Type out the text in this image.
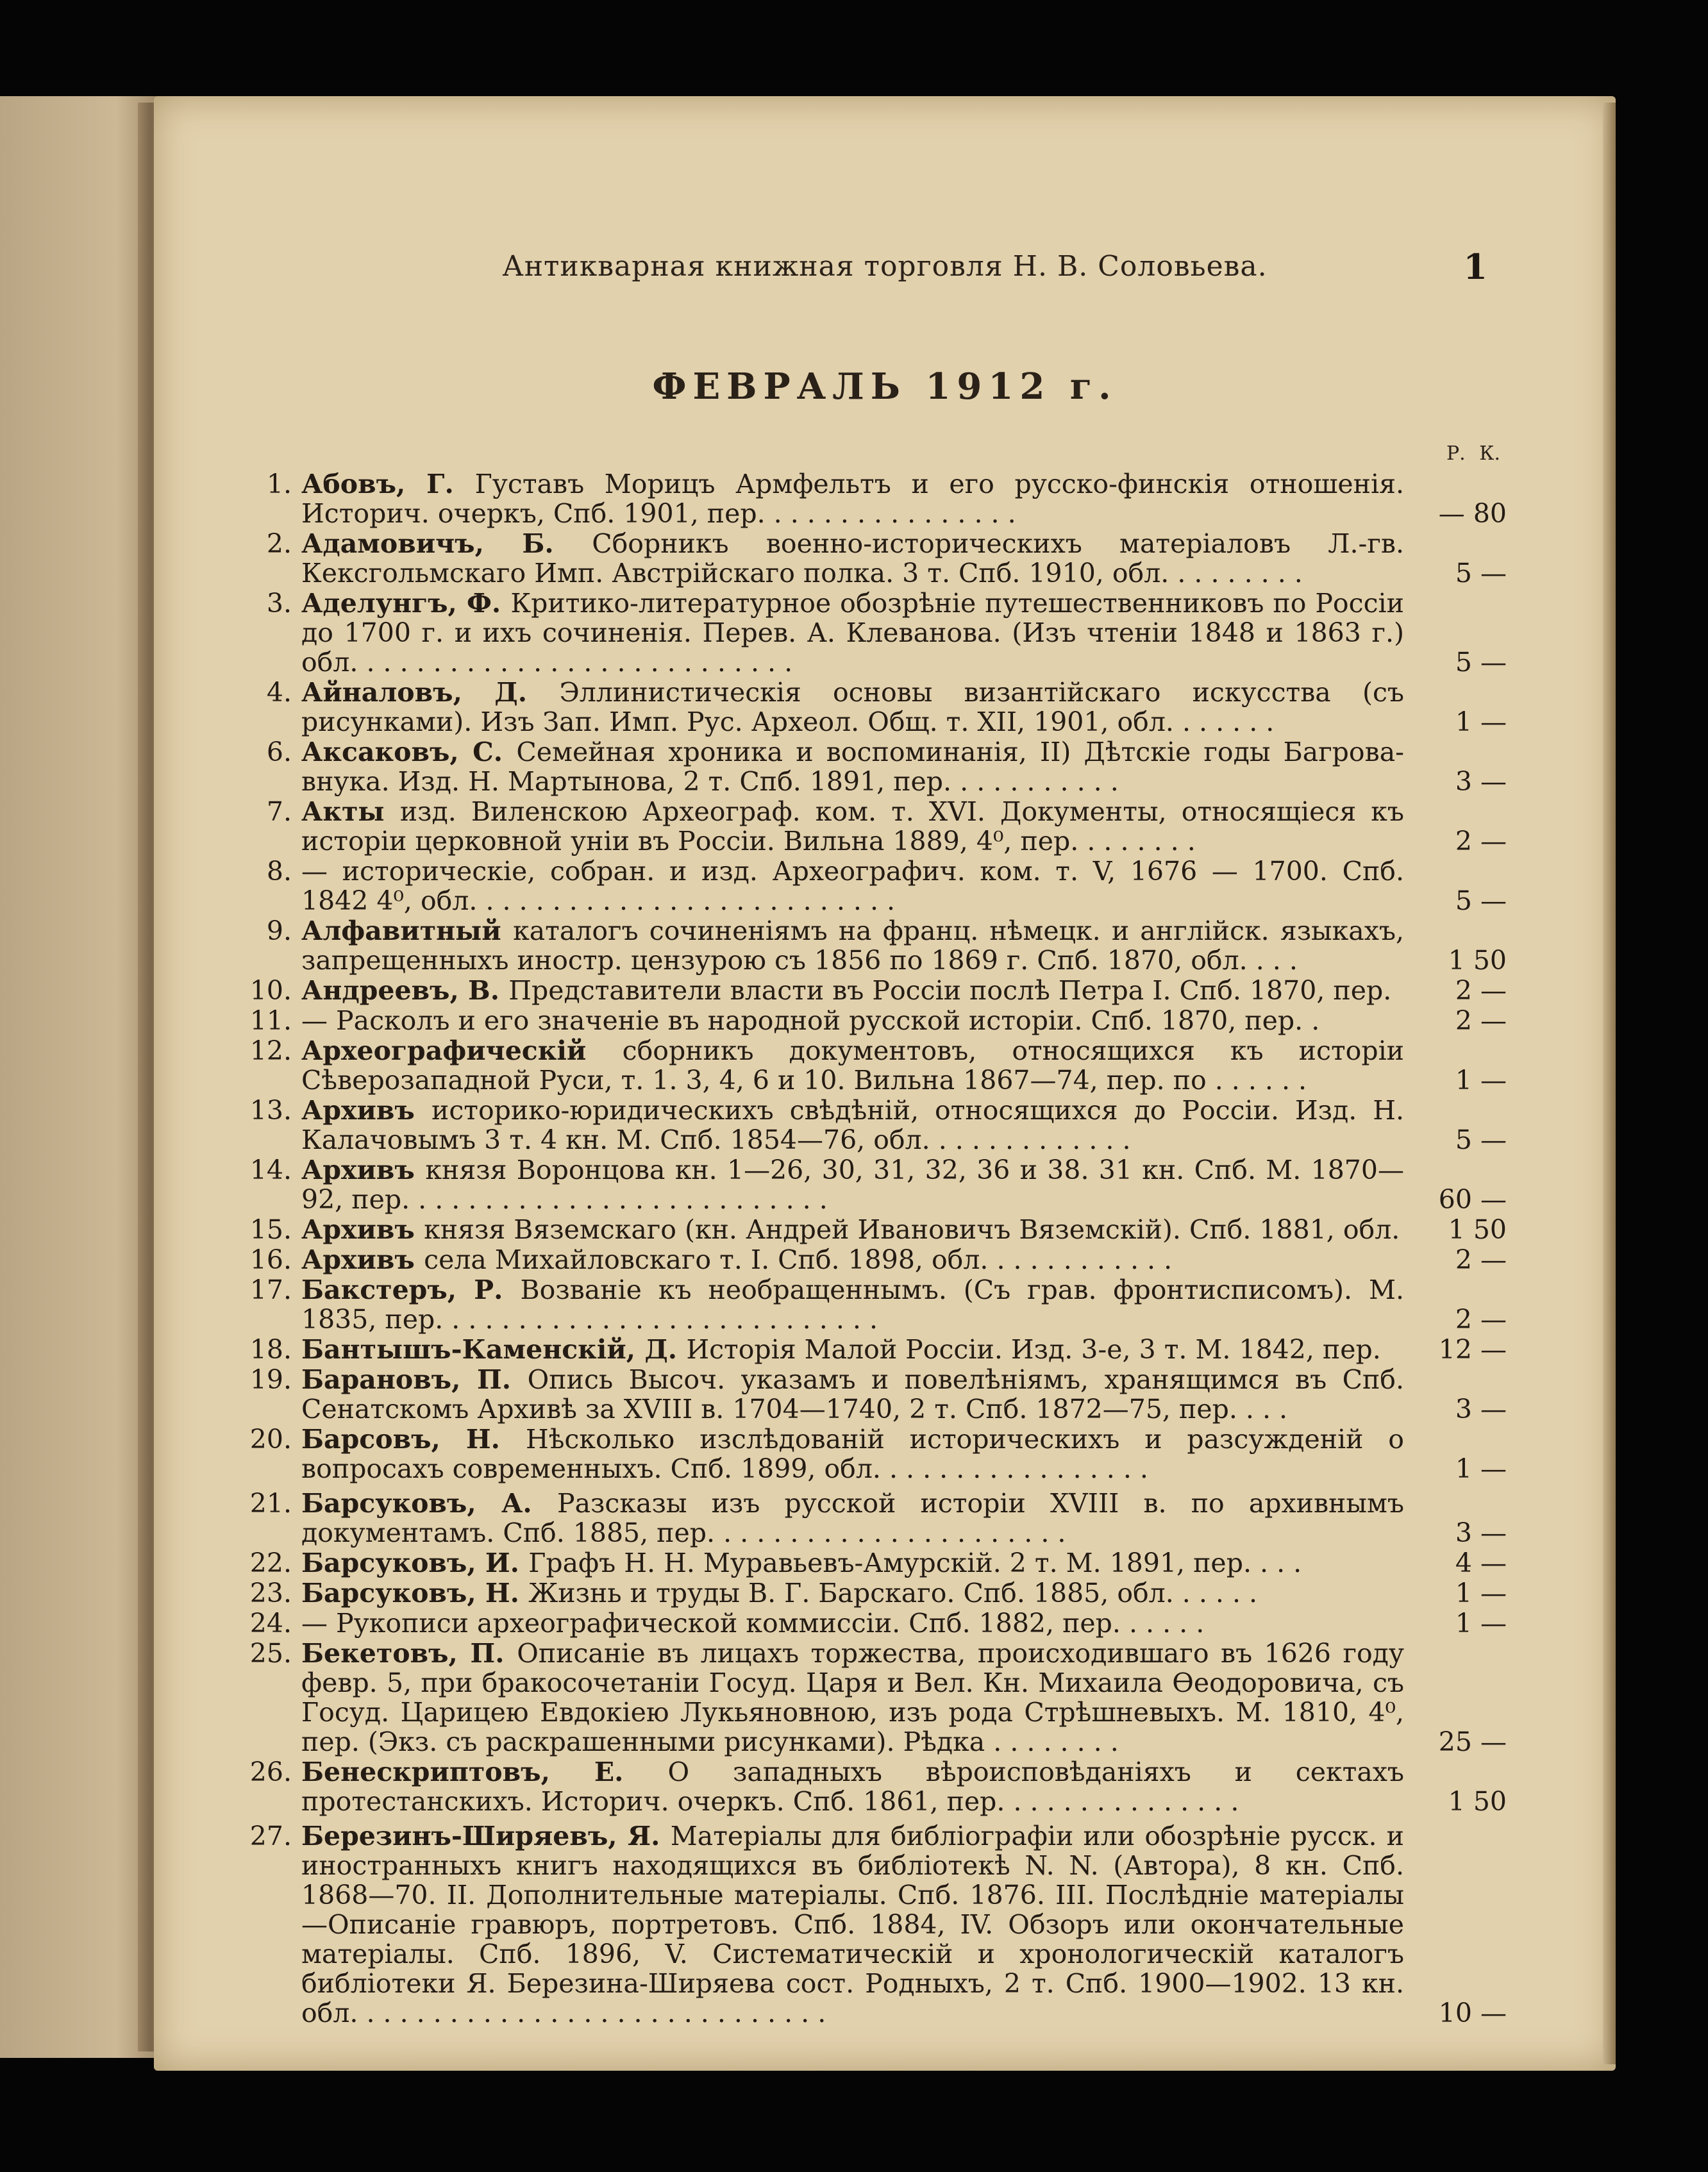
Антикварная книжная торговля Н. В. Соловьева.	1
ФЕВРАЛЬ 1912 г.
Р. К.
1. Абовъ, Г. Густавъ Морицъ Армфельтъ и его русско-финскія отношенія. Историч. очеркъ, Спб. 1901, пер. . . . . . . . . . . . . . . .	— 80
2. Адамовичъ, Б. Сборникъ военно-историческихъ матеріаловъ Л.-гв. Кексгольмскаго Имп. Австрійскаго полка. 3 т. Спб. 1910, обл. . . . . . . . .	5 —
3. Аделунгъ, Ф. Критико-литературное обозрѣніе путешественниковъ по Россіи до 1700 г. и ихъ сочиненія. Перев. А. Клеванова. (Изъ чтеніи 1848 и 1863 г.) обл. . . . . . . . . . . . . . . . . . . . . . . . . . .	5 —
4. Айналовъ, Д. Эллинистическія основы византійскаго искусства (съ рисунками). Изъ Зап. Имп. Рус. Археол. Общ. т. XII, 1901, обл. . . . . . .	1 —
6. Аксаковъ, С. Семейная хроника и воспоминанія, II) Дѣтскіе годы Багрова-внука. Изд. Н. Мартынова, 2 т. Спб. 1891, пер. . . . . . . . . . .	3 —
7. Акты изд. Виленскою Археограф. ком. т. XVI. Документы, относящіеся къ исторіи церковной уніи въ Россіи. Вильна 1889, 4⁰, пер. . . . . . . .	2 —
8. — историческіе, собран. и изд. Археографич. ком. т. V, 1676 — 1700. Спб. 1842 4⁰, обл. . . . . . . . . . . . . . . . . . . . . . . . . .	5 —
9. Алфавитный каталогъ сочиненіямъ на франц. нѣмецк. и англійск. языкахъ, запрещенныхъ иностр. цензурою съ 1856 по 1869 г. Спб. 1870, обл. . . .	1 50
10. Андреевъ, В. Представители власти въ Россіи послѣ Петра I. Спб. 1870, пер.	2 —
11. — Расколъ и его значеніе въ народной русской исторіи. Спб. 1870, пер. .	2 —
12. Археографическій сборникъ документовъ, относящихся къ исторіи Сѣверозападной Руси, т. 1. 3, 4, 6 и 10. Вильна 1867—74, пер. по . . . . . .	1 —
13. Архивъ историко-юридическихъ свѣдѣній, относящихся до Россіи. Изд. Н. Калачовымъ 3 т. 4 кн. М. Спб. 1854—76, обл. . . . . . . . . . . . .	5 —
14. Архивъ князя Воронцова кн. 1—26, 30, 31, 32, 36 и 38. 31 кн. Спб. М. 1870—92, пер. . . . . . . . . . . . . . . . . . . . . . . . . .	60 —
15. Архивъ князя Вяземскаго (кн. Андрей Ивановичъ Вяземскій). Спб. 1881, обл.	1 50
16. Архивъ села Михайловскаго т. I. Спб. 1898, обл. . . . . . . . . . . .	2 —
17. Бакстеръ, Р. Возваніе къ необращеннымъ. (Съ грав. фронтисписомъ). М. 1835, пер. . . . . . . . . . . . . . . . . . . . . . . . . . .	2 —
18. Бантышъ-Каменскій, Д. Исторія Малой Россіи. Изд. 3-е, 3 т. М. 1842, пер.	12 —
19. Барановъ, П. Опись Высоч. указамъ и повелѣніямъ, хранящимся въ Спб. Сенатскомъ Архивѣ за XVIII в. 1704—1740, 2 т. Спб. 1872—75, пер. . . .	3 —
20. Барсовъ, Н. Нѣсколько изслѣдованій историческихъ и разсужденій о вопросахъ современныхъ. Спб. 1899, обл. . . . . . . . . . . . . . . . .	1 —
21. Барсуковъ, А. Разсказы изъ русской исторіи XVIII в. по архивнымъ документамъ. Спб. 1885, пер. . . . . . . . . . . . . . . . . . . . . .	3 —
22. Барсуковъ, И. Графъ Н. Н. Муравьевъ-Амурскій. 2 т. М. 1891, пер. . . .	4 —
23. Барсуковъ, Н. Жизнь и труды В. Г. Барскаго. Спб. 1885, обл. . . . . .	1 —
24. — Рукописи археографической коммиссіи. Спб. 1882, пер. . . . . .	1 —
25. Бекетовъ, П. Описаніе въ лицахъ торжества, происходившаго въ 1626 году февр. 5, при бракосочетаніи Госуд. Царя и Вел. Кн. Михаила Өеодоровича, съ Госуд. Царицею Евдокіею Лукьяновною, изъ рода Стрѣшневыхъ. М. 1810, 4⁰, пер. (Экз. съ раскрашенными рисунками). Рѣдка . . . . . . . .	25 —
26. Бенескриптовъ, Е. О западныхъ вѣроисповѣданіяхъ и сектахъ протестанскихъ. Историч. очеркъ. Спб. 1861, пер. . . . . . . . . . . . . . .	1 50
27. Березинъ-Ширяевъ, Я. Матеріалы для библіографіи или обозрѣніе русск. и иностранныхъ книгъ находящихся въ библіотекѣ N. N. (Автора), 8 кн. Спб. 1868—70. II. Дополнительные матеріалы. Спб. 1876. III. Послѣдніе матеріалы—Описаніе гравюръ, портретовъ. Спб. 1884, IV. Обзоръ или окончательные матеріалы. Спб. 1896, V. Систематическій и хронологическій каталогъ библіотеки Я. Березина-Ширяева сост. Родныхъ, 2 т. Спб. 1900—1902. 13 кн. обл. . . . . . . . . . . . . . . . . . . . . . . . . . . . .	10 —
